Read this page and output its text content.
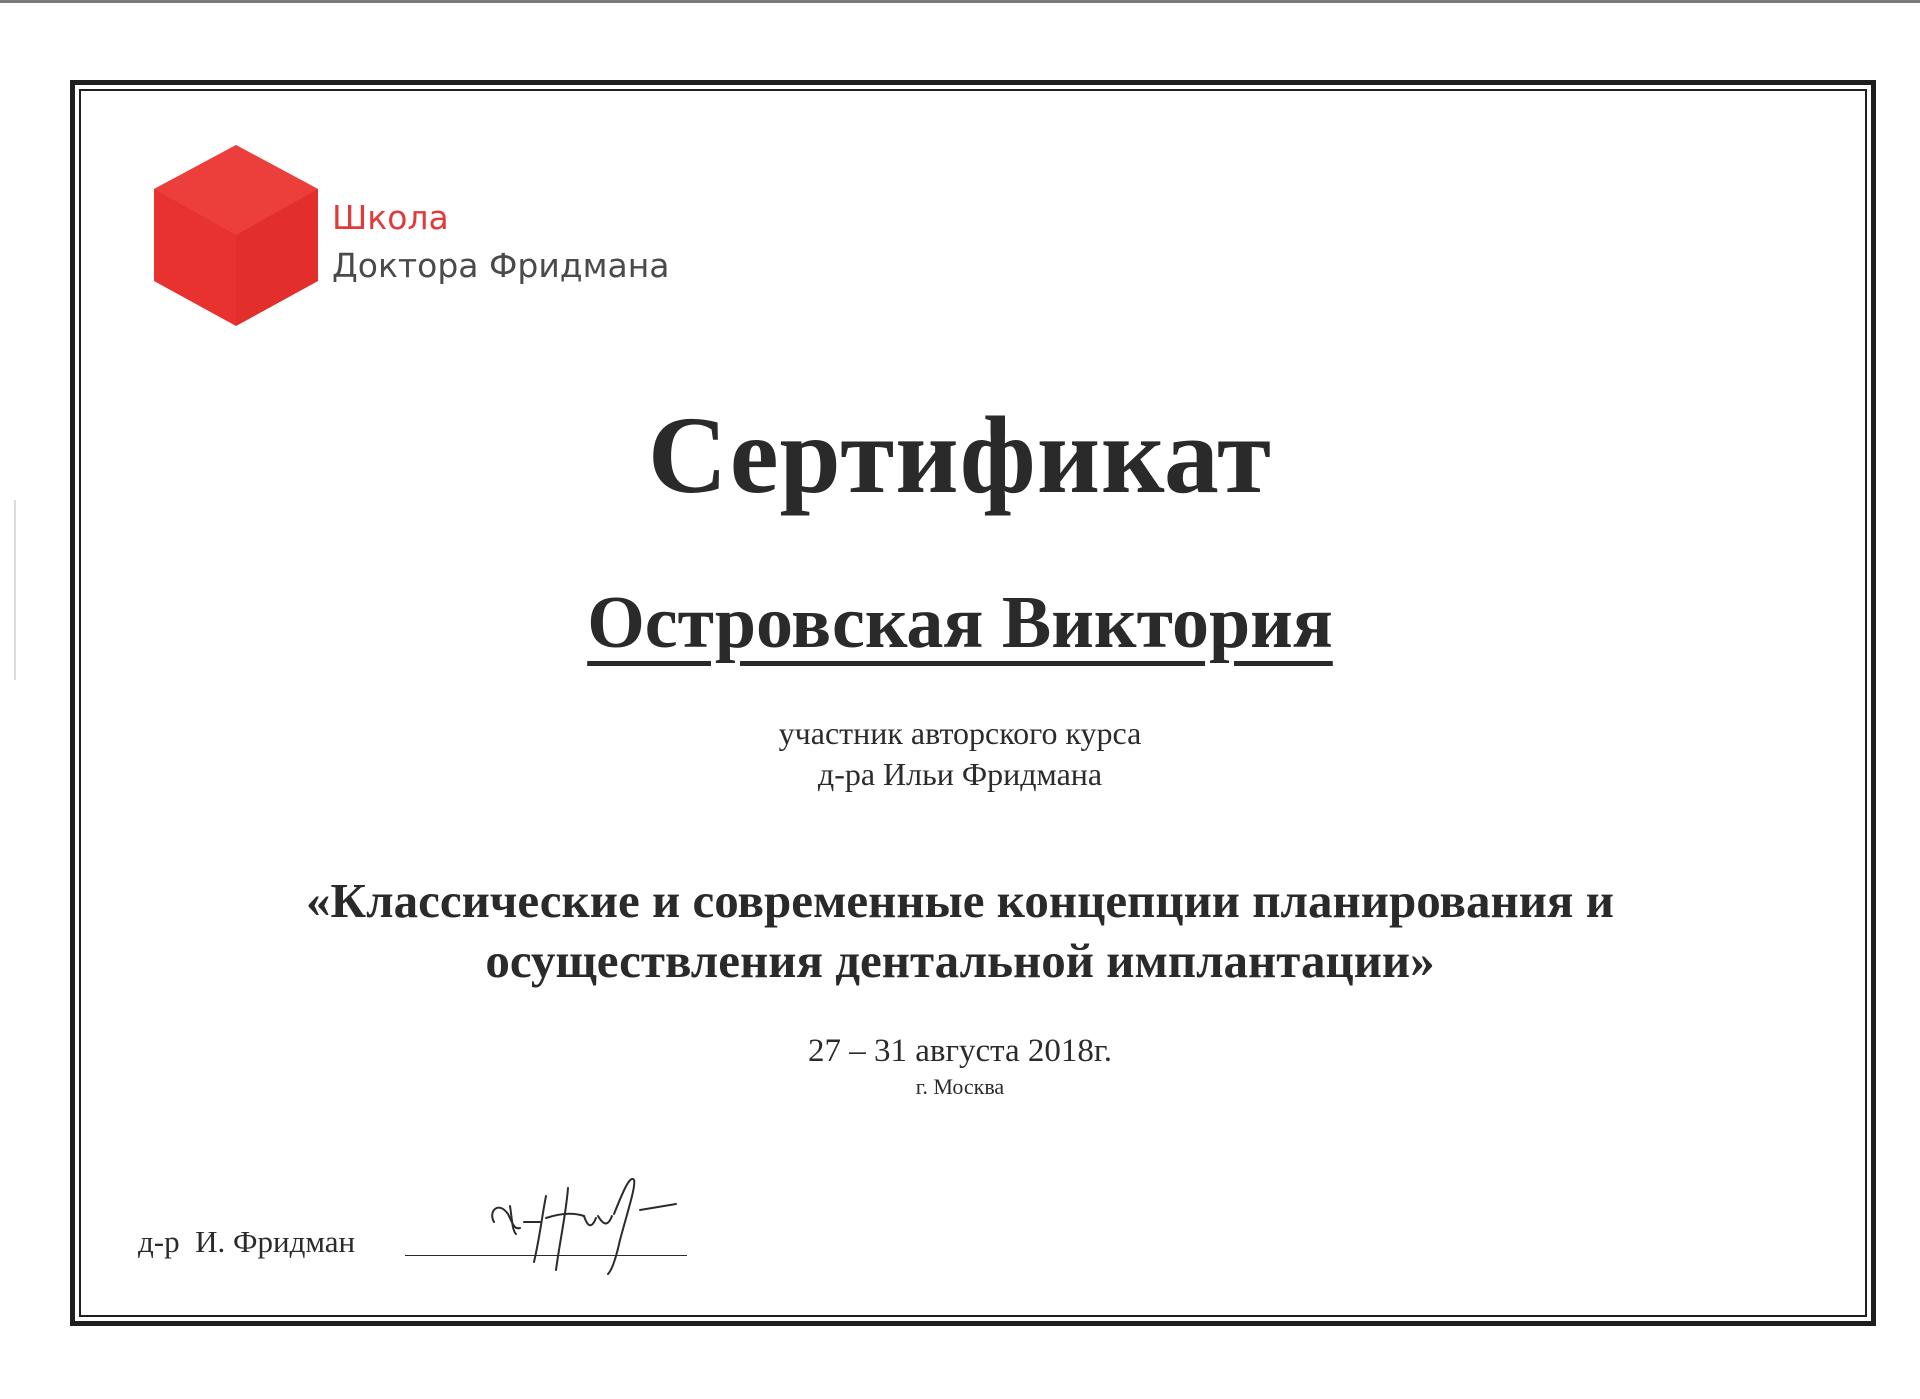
Школа
Доктора Фридмана
Сертификат
Островская Виктория
участник авторского курса
д-ра Ильи Фридмана
«Классические и современные концепции планирования и
осуществления дентальной имплантации»
27 – 31 августа 2018г.
г. Москва
д-р  И. Фридман
